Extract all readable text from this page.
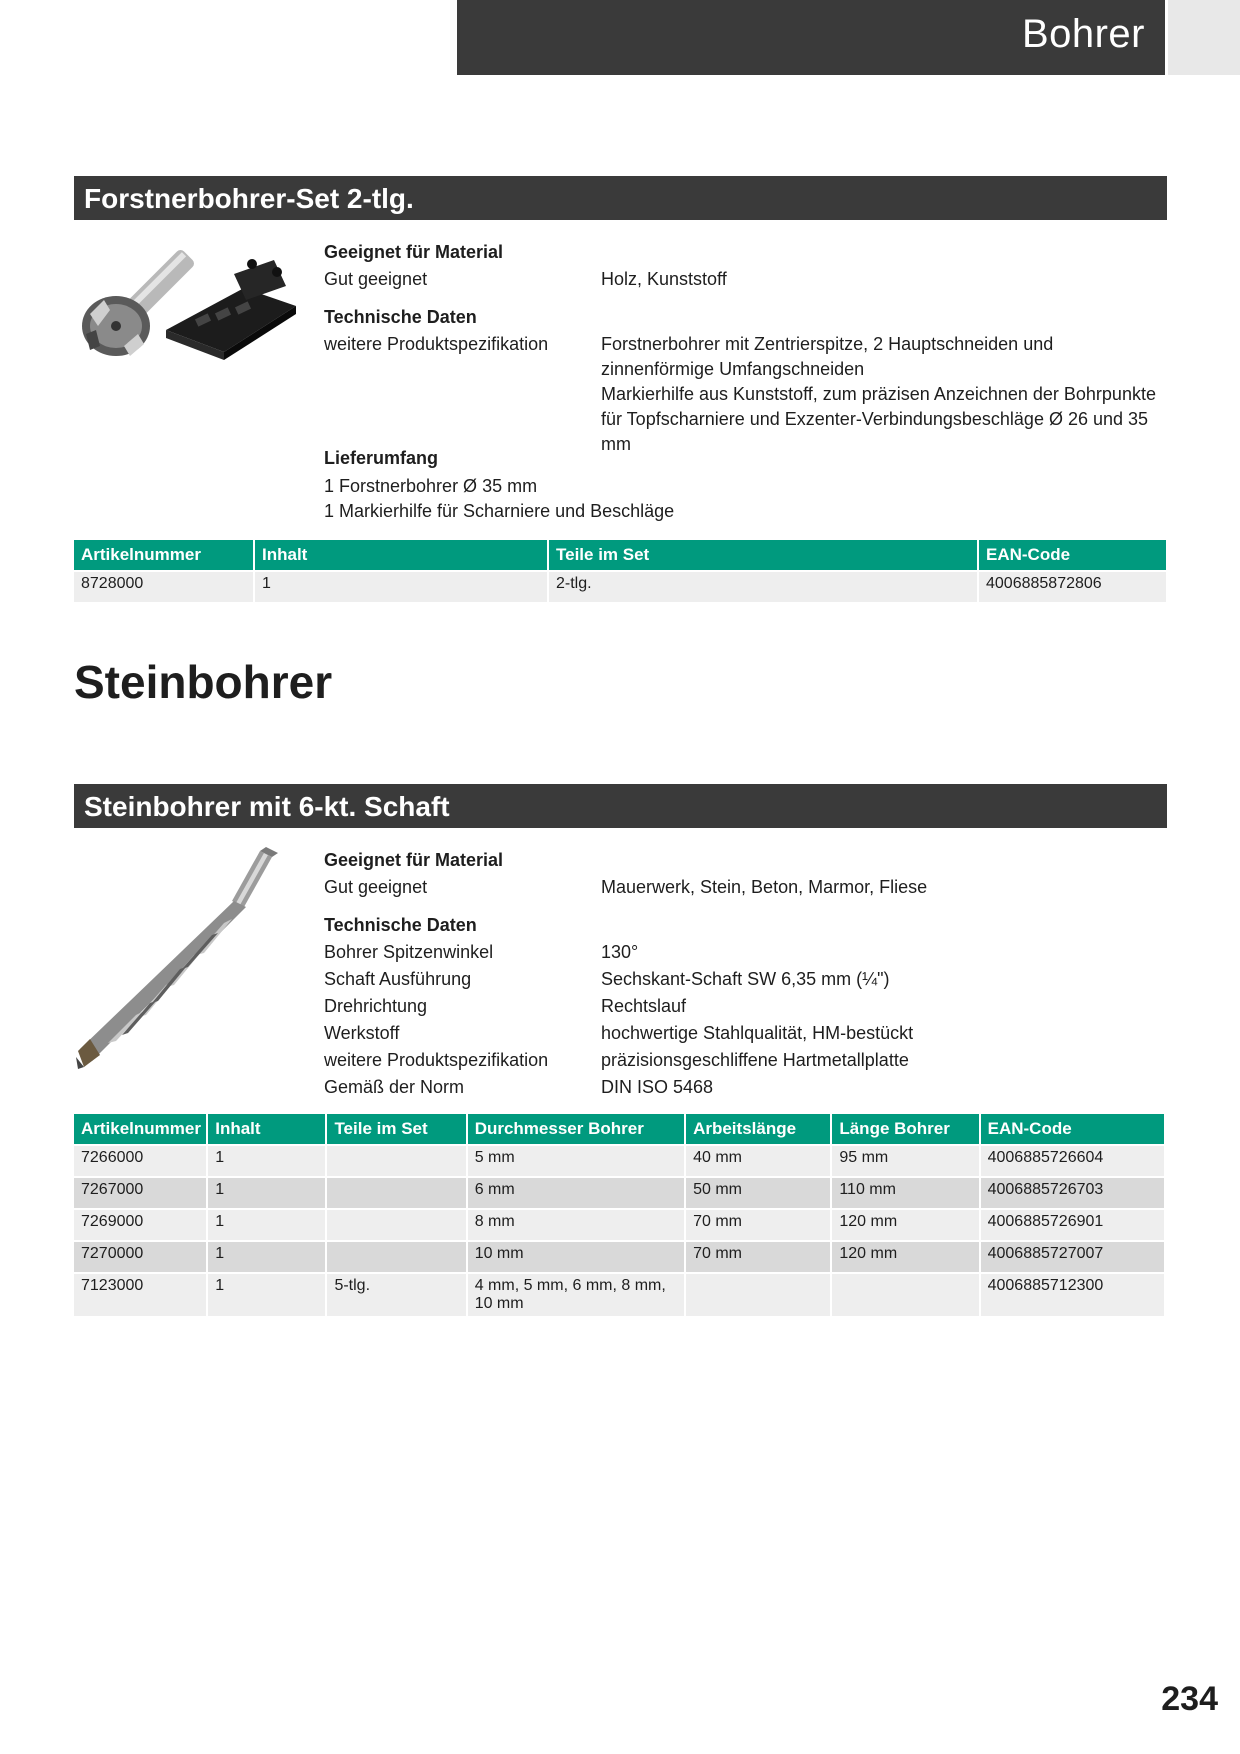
Bohrer
Forstnerbohrer-Set 2-tlg.
Geeignet für Material
Gut geeignet	Holz, Kunststoff
Technische Daten
weitere Produktspezifikation	Forstnerbohrer mit Zentrierspitze, 2 Hauptschneiden und zinnenförmige Umfangschneiden
Markierhilfe aus Kunststoff, zum präzisen Anzeichnen der Bohrpunkte für Topfscharniere und Exzenter-Verbindungsbeschläge Ø 26 und 35 mm
Lieferumfang
1 Forstnerbohrer Ø 35 mm
1 Markierhilfe für Scharniere und Beschläge
Artikelnummer	Inhalt	Teile im Set	EAN-Code
8728000	1	2-tlg.	4006885872806
Steinbohrer
Steinbohrer mit 6-kt. Schaft
Geeignet für Material
Gut geeignet	Mauerwerk, Stein, Beton, Marmor, Fliese
Technische Daten
Bohrer Spitzenwinkel	130°
Schaft Ausführung	Sechskant-Schaft SW 6,35 mm (¼")
Drehrichtung	Rechtslauf
Werkstoff	hochwertige Stahlqualität, HM-bestückt
weitere Produktspezifikation	präzisionsgeschliffene Hartmetallplatte
Gemäß der Norm	DIN ISO 5468
Artikelnummer	Inhalt	Teile im Set	Durchmesser Bohrer	Arbeitslänge	Länge Bohrer	EAN-Code
7266000	1		5 mm	40 mm	95 mm	4006885726604
7267000	1		6 mm	50 mm	110 mm	4006885726703
7269000	1		8 mm	70 mm	120 mm	4006885726901
7270000	1		10 mm	70 mm	120 mm	4006885727007
7123000	1	5-tlg.	4 mm, 5 mm, 6 mm, 8 mm, 10 mm			4006885712300
234
